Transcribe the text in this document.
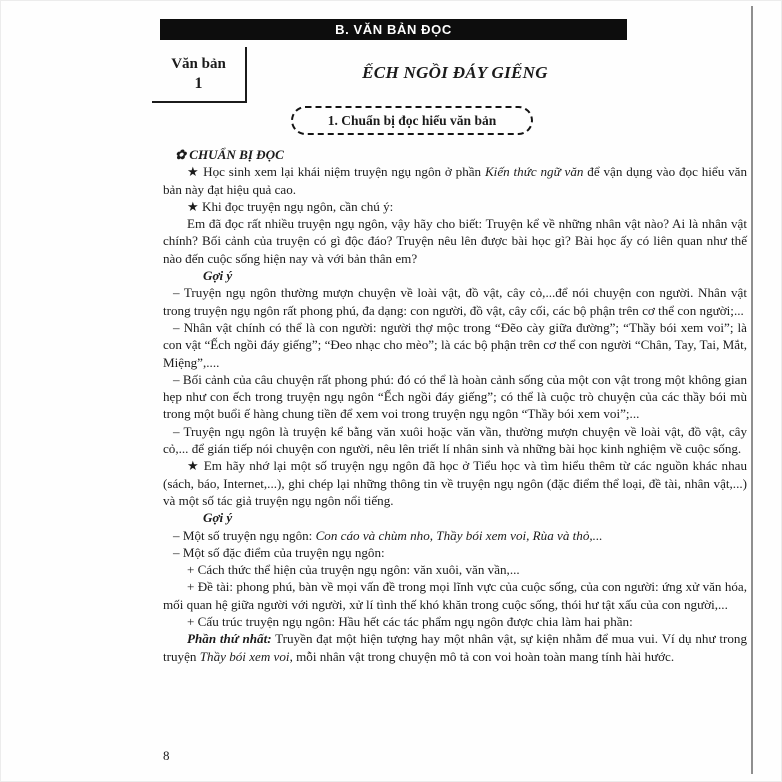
B. VĂN BẢN ĐỌC
Văn bản
1
ẾCH NGỒI ĐÁY GIẾNG
1. Chuẩn bị đọc hiểu văn bản

✿ CHUẨN BỊ ĐỌC

★ Học sinh xem lại khái niệm truyện ngụ ngôn ở phần Kiến thức ngữ văn để vận dụng vào đọc hiểu văn bản này đạt hiệu quả cao.

★ Khi đọc truyện ngụ ngôn, cần chú ý:

Em đã đọc rất nhiều truyện ngụ ngôn, vậy hãy cho biết: Truyện kể về những nhân vật nào? Ai là nhân vật chính? Bối cảnh của truyện có gì độc đáo? Truyện nêu lên được bài học gì? Bài học ấy có liên quan như thế nào đến cuộc sống hiện nay và với bản thân em?

Gợi ý

– Truyện ngụ ngôn thường mượn chuyện về loài vật, đồ vật, cây cỏ,...để nói chuyện con người. Nhân vật trong truyện ngụ ngôn rất phong phú, đa dạng: con người, đồ vật, cây cối, các bộ phận trên cơ thể con người;...

– Nhân vật chính có thể là con người: người thợ mộc trong “Đẽo cày giữa đường”; “Thầy bói xem voi”; là con vật “Ếch ngồi đáy giếng”; “Đeo nhạc cho mèo”; là các bộ phận trên cơ thể con người “Chân, Tay, Tai, Mắt, Miệng”,....

– Bối cảnh của câu chuyện rất phong phú: đó có thể là hoàn cảnh sống của một con vật trong một không gian hẹp như con ếch trong truyện ngụ ngôn “Ếch ngồi đáy giếng”; có thể là cuộc trò chuyện của các thầy bói mù trong một buổi ế hàng chung tiền để xem voi trong truyện ngụ ngôn “Thầy bói xem voi”;...

– Truyện ngụ ngôn là truyện kể bằng văn xuôi hoặc văn vần, thường mượn chuyện về loài vật, đồ vật, cây cỏ,... để gián tiếp nói chuyện con người, nêu lên triết lí nhân sinh và những bài học kinh nghiệm về cuộc sống.

★ Em hãy nhớ lại một số truyện ngụ ngôn đã học ở Tiểu học và tìm hiểu thêm từ các nguồn khác nhau (sách, báo, Internet,...), ghi chép lại những thông tin về truyện ngụ ngôn (đặc điểm thể loại, đề tài, nhân vật,...) và một số tác giả truyện ngụ ngôn nổi tiếng.

Gợi ý

– Một số truyện ngụ ngôn: Con cáo và chùm nho, Thầy bói xem voi, Rùa và thỏ,...

– Một số đặc điểm của truyện ngụ ngôn:

+ Cách thức thể hiện của truyện ngụ ngôn: văn xuôi, văn vần,...

+ Đề tài: phong phú, bàn về mọi vấn đề trong mọi lĩnh vực của cuộc sống, của con người: ứng xử văn hóa, mối quan hệ giữa người với người, xử lí tình thế khó khăn trong cuộc sống, thói hư tật xấu của con người,...

+ Cấu trúc truyện ngụ ngôn: Hầu hết các tác phẩm ngụ ngôn được chia làm hai phần:

Phần thứ nhất: Truyền đạt một hiện tượng hay một nhân vật, sự kiện nhằm để mua vui. Ví dụ như trong truyện Thầy bói xem voi, mỗi nhân vật trong chuyện mô tả con voi hoàn toàn mang tính hài hước.

8
